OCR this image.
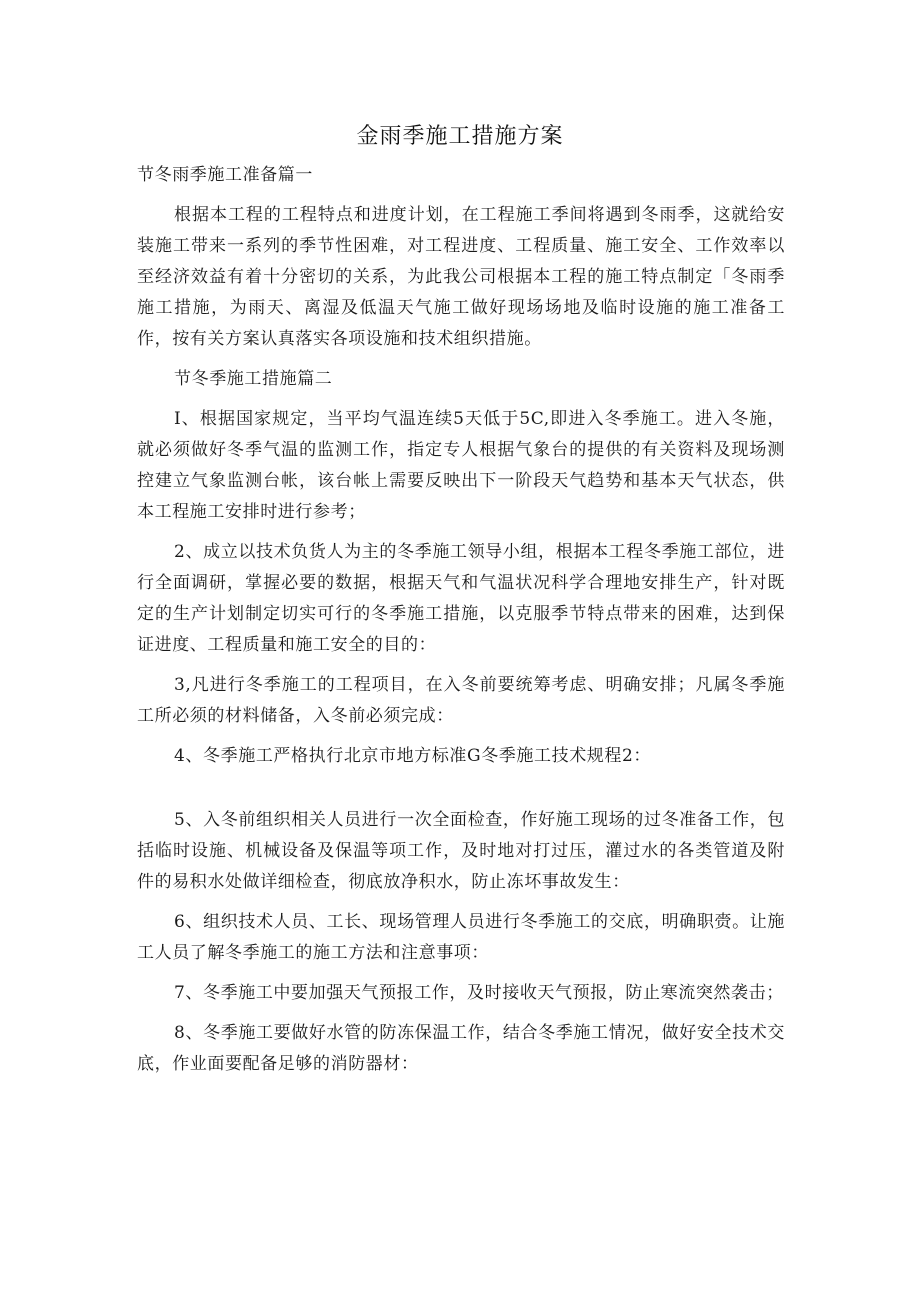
金雨季施工措施方案

节冬雨季施工准备篇一

根据本工程的工程特点和进度计划，在工程施工季间将遇到冬雨季，这就给安装施工带来一系列的季节性困难，对工程进度、工程质量、施工安全、工作效率以至经济效益有着十分密切的关系，为此我公司根据本工程的施工特点制定「冬雨季施工措施，为雨天、离湿及低温天气施工做好现场场地及临时设施的施工准备工作，按有关方案认真落实各项设施和技术组织措施。

节冬季施工措施篇二

I、根据国家规定，当平均气温连续5天低于5C,即进入冬季施工。进入冬施，就必须做好冬季气温的监测工作，指定专人根据气象台的提供的有关资料及现场测控建立气象监测台帐，该台帐上需要反映出下一阶段天气趋势和基本天气状态，供本工程施工安排时进行参考；

2、成立以技术负货人为主的冬季施工领导小组，根据本工程冬季施工部位，进行全面调研，掌握必要的数据，根据天气和气温状况科学合理地安排生产，针对既定的生产计划制定切实可行的冬季施工措施，以克服季节特点带来的困难，达到保证进度、工程质量和施工安全的目的：

3,凡进行冬季施工的工程项目，在入冬前要统筹考虑、明确安排；凡属冬季施工所必须的材料储备，入冬前必须完成：

4、冬季施工严格执行北京市地方标准G冬季施工技术规程2：

5、入冬前组织相关人员进行一次全面检查，作好施工现场的过冬准备工作，包括临时设施、机械设备及保温等项工作，及时地对打过压，灌过水的各类管道及附件的易积水处做详细检查，彻底放净积水，防止冻坏事故发生：

6、组织技术人员、工长、现场管理人员进行冬季施工的交底，明确职赍。让施工人员了解冬季施工的施工方法和注意事项：

7、冬季施工中要加强天气预报工作，及时接收天气预报，防止寒流突然袭击；

8、冬季施工要做好水管的防冻保温工作，结合冬季施工情况，做好安全技术交底，作业面要配备足够的消防器材：
